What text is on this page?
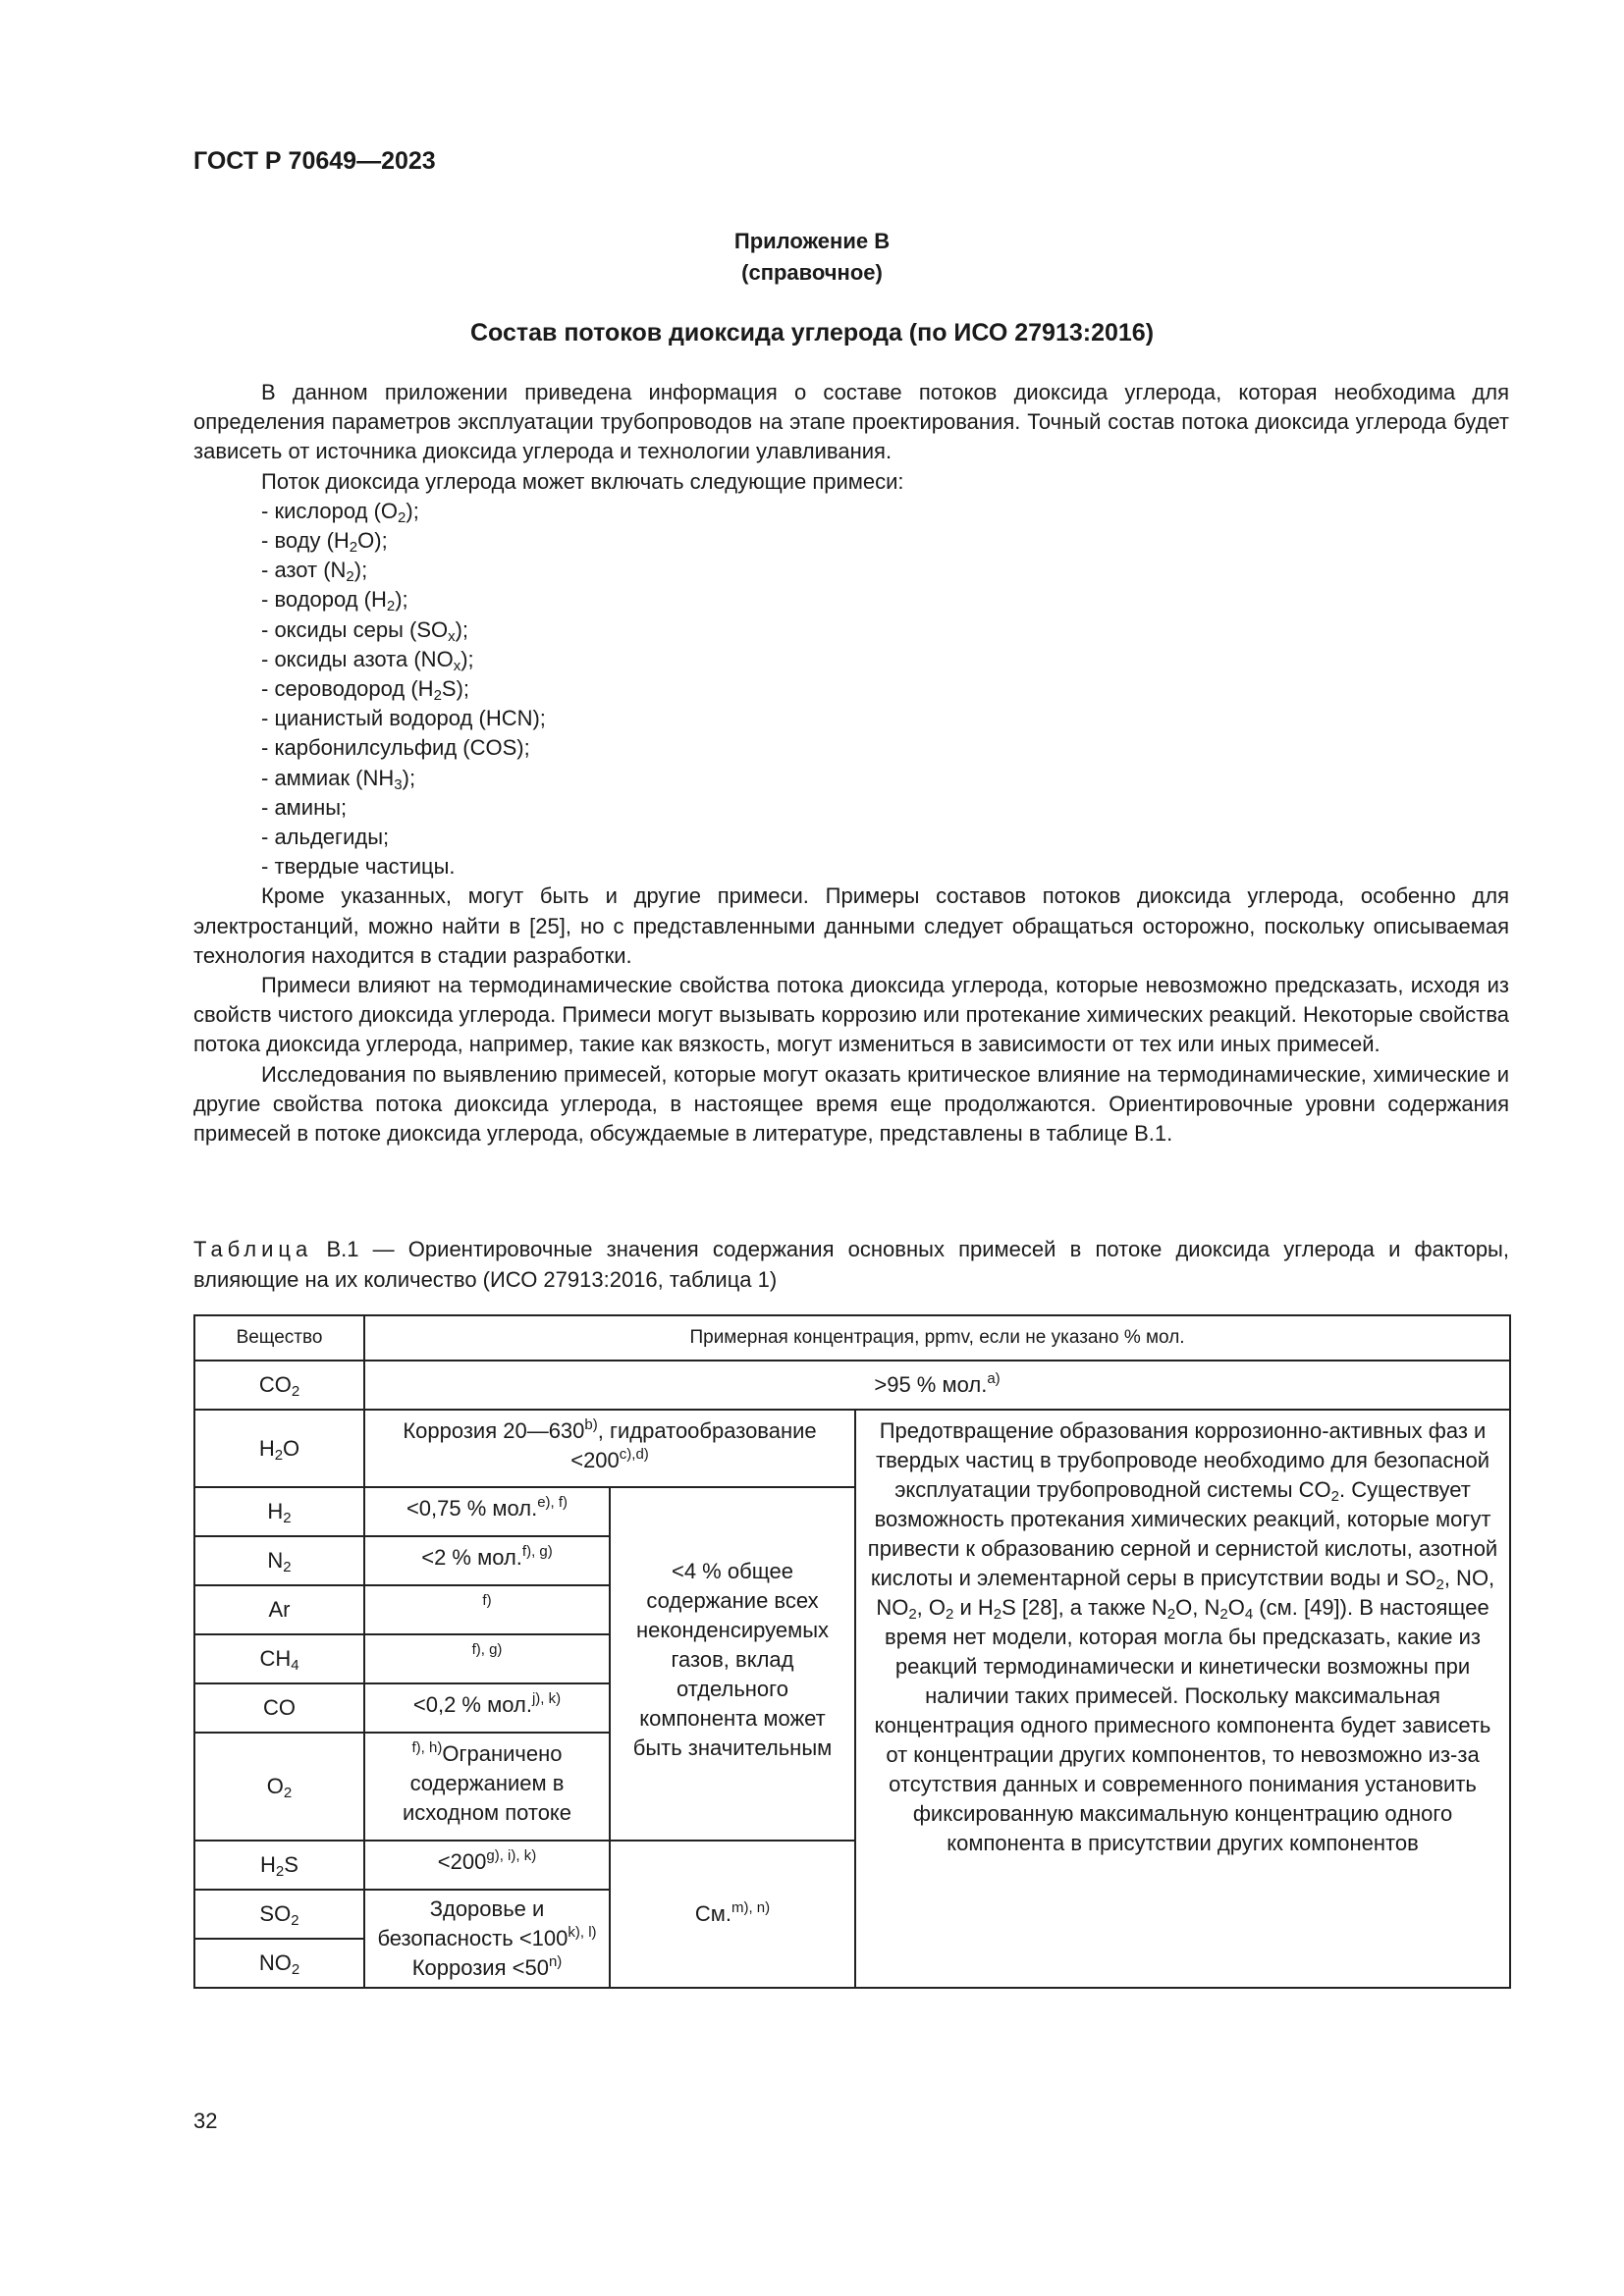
ГОСТ Р 70649—2023

Приложение В
(справочное)

Состав потоков диоксида углерода (по ИСО 27913:2016)

В данном приложении приведена информация о составе потоков диоксида углерода, которая необходима для определения параметров эксплуатации трубопроводов на этапе проектирования. Точный состав потока диоксида углерода будет зависеть от источника диоксида углерода и технологии улавливания.

Поток диоксида углерода может включать следующие примеси:

- кислород $(O_2)$;
- воду $(H_2O)$;
- азот $(N_2)$;
- водород $(H_2)$;
- оксиды серы $(SO_x)$;
- оксиды азота $(NO_x)$;
- сероводород $(H_2S)$;
- цианистый водород (HCN);
- карбонилсульфид (COS);
- аммиак $(NH_3)$;
- амины;
- альдегиды;
- твердые частицы.

Кроме указанных, могут быть и другие примеси. Примеры составов потоков диоксида углерода, особенно для электростанций, можно найти в [25], но с представленными данными следует обращаться осторожно, поскольку описываемая технология находится в стадии разработки.

Примеси влияют на термодинамические свойства потока диоксида углерода, которые невозможно предсказать, исходя из свойств чистого диоксида углерода. Примеси могут вызывать коррозию или протекание химических реакций. Некоторые свойства потока диоксида углерода, например, такие как вязкость, могут измениться в зависимости от тех или иных примесей.

Исследования по выявлению примесей, которые могут оказать критическое влияние на термодинамические, химические и другие свойства потока диоксида углерода, в настоящее время еще продолжаются. Ориентировочные уровни содержания примесей в потоке диоксида углерода, обсуждаемые в литературе, представлены в таблице В.1.

Таблица В.1 — Ориентировочные значения содержания основных примесей в потоке диоксида углерода и факторы, влияющие на их количество (ИСО 27913:2016, таблица 1)

Вещество	Примерная концентрация, ppmv, если не указано % мол.		
$CO_2$	>95 % мол.$^{a)}$
$H_2O$	Коррозия 20—630$^{b)}$, гидратообразование $<200^{c),d)}$		Предотвращение образования коррозионно-активных фаз и твердых частиц в трубопроводе необходимо для безопасной эксплуатации трубопроводной системы $CO_2$. Существует возможность протекания химических реакций, которые могут привести к образованию серной и сернистой кислоты, азотной кислоты и элементарной серы в присутствии воды и $SO_2$, NO, $NO_2$, $O_2$ и $H_2S$ [28], а также $N_2O$, $N_2O_4$ (см. [49]). В настоящее время нет модели, которая могла бы предсказать, какие из реакций термодинамически и кинетически возможны при наличии таких примесей. Поскольку максимальная концентрация одного примесного компонента будет зависеть от концентрации других компонентов, то невозможно из-за отсутствия данных и современного понимания установить фиксированную максимальную концентрацию одного компонента в присутствии других компонентов
$H_2$	<0,75 % мол.$^{e), f)}$	<4 % общее содержание всех неконденсируемых газов, вклад отдельного компонента может быть значительным	
$N_2$	<2 % мол.$^{f), g)}$
Ar	$^{f)}$
$CH_4$	$^{f), g)}$
CO	<0,2 % мол.$^{j), k)}$
$O_2$	$^{f), h)}$Ограничено содержанием в исходном потоке		
$H_2S$	$<200^{g), i), k)}$	См.$^{m), n)}$
$SO_2$	Здоровье и безопасность $<100^{k), l)}$ Коррозия $<50^{n)}$
$NO_2$

32
